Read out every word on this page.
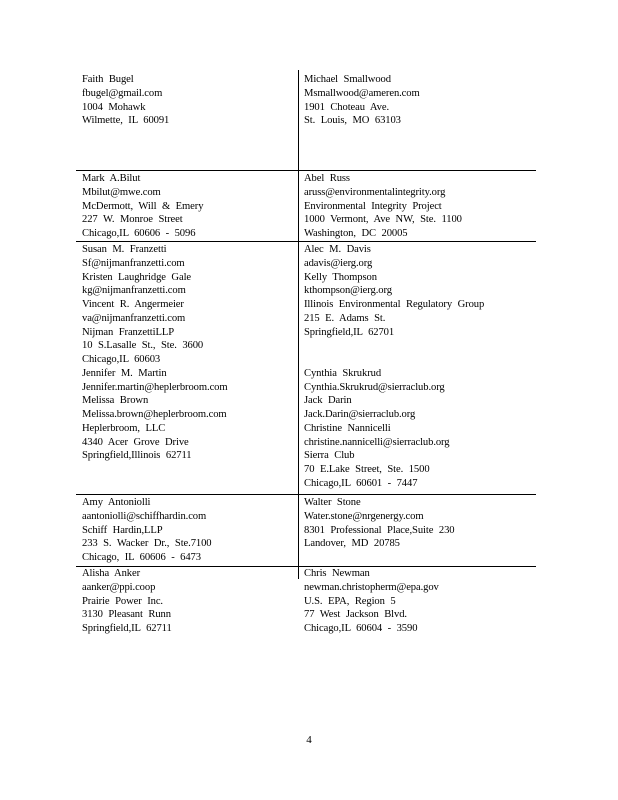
Faith Bugel
fbugel@gmail.com
1004 Mohawk
Wilmette, IL 60091
Michael Smallwood
Msmallwood@ameren.com
1901 Choteau Ave.
St. Louis, MO 63103
Mark A.Bilut
Mbilut@mwe.com
McDermott, Will & Emery
227 W. Monroe Street
Chicago,IL 60606 - 5096
Abel Russ
aruss@environmentalintegrity.org
Environmental Integrity Project
1000 Vermont, Ave NW, Ste. 1100
Washington, DC 20005
Susan M. Franzetti
Sf@nijmanfranzetti.com
Kristen Laughridge Gale
kg@nijmanfranzetti.com
Vincent R. Angermeier
va@nijmanfranzetti.com
Nijman FranzettiLLP
10 S.Lasalle St., Ste. 3600
Chicago,IL 60603
Jennifer M. Martin
Jennifer.martin@heplerbroom.com
Melissa Brown
Melissa.brown@heplerbroom.com
Heplerbroom, LLC
4340 Acer Grove Drive
Springfield,Illinois 62711
Alec M. Davis
adavis@ierg.org
Kelly Thompson
kthompson@ierg.org
Illinois Environmental Regulatory Group
215 E. Adams St.
Springfield,IL 62701
Cynthia Skrukrud
Cynthia.Skrukrud@sierraclub.org
Jack Darin
Jack.Darin@sierraclub.org
Christine Nannicelli
christine.nannicelli@sierraclub.org
Sierra Club
70 E.Lake Street, Ste. 1500
Chicago,IL 60601 - 7447
Amy Antoniolli
aantoniolli@schiffhardin.com
Schiff Hardin,LLP
233 S. Wacker Dr., Ste.7100
Chicago, IL 60606 - 6473
Walter Stone
Water.stone@nrgenergy.com
8301 Professional Place,Suite 230
Landover, MD 20785
Alisha Anker
aanker@ppi.coop
Prairie Power Inc.
3130 Pleasant Runn
Springfield,IL 62711
Chris Newman
newman.christopherm@epa.gov
U.S. EPA, Region 5
77 West Jackson Blvd.
Chicago,IL 60604 - 3590
4
